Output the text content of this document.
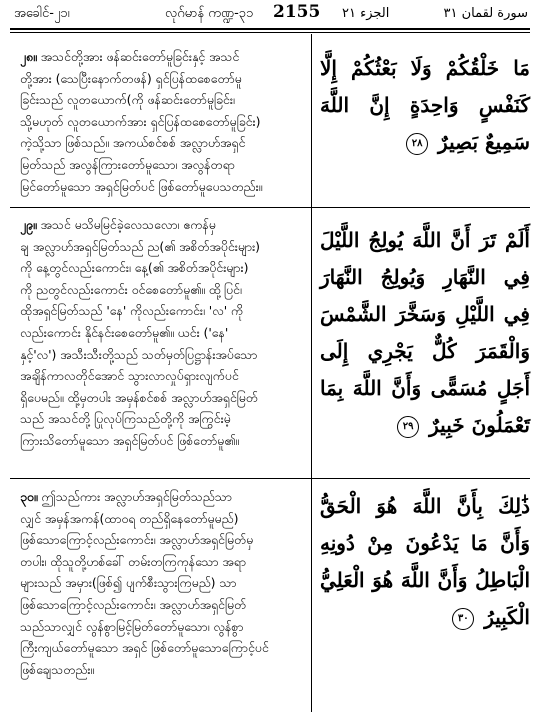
အခေါင်-၂၁၊	လုဂ်မာန် ကဏ္ဍ-၃၁ 2155 الجزء ٢١	سورة لقمان ٣١
၂၈။ အသင်တို့အား ဖန်ဆင်းတော်မူခြင်းနှင့် အသင်
တို့အား (သေပြီးနောက်တဖန်) ရှင်ပြန်ထစေတော်မူ
ခြင်းသည် လူတယောက်(ကို ဖန်ဆင်းတော်မူခြင်း၊
သို့မဟုတ် လူတယောက်အား ရှင်ပြန်ထစေတော်မူခြင်း)
ကဲ့သို့သာ ဖြစ်သည်။ အကယ်စင်စစ် အလ္လာဟ်အရှင်
မြတ်သည် အလွန်ကြားတော်မူသော၊ အလွန်တရာ
မြင်တော်မူသော အရှင်မြတ်ပင် ဖြစ်တော်မူပေသတည်း။
مَا خَلْقُكُمْ وَلَا بَعْثُكُمْ إِلَّا كَنَفْسٍ وَاحِدَةٍ إِنَّ اللَّهَ سَمِيعٌ بَصِيرٌ ٢٨
၂၉။ အသင် မသိမမြင်ခဲ့လေသလော၊ ဧကန်မှ
ချ အလ္လာဟ်အရှင်မြတ်သည် ည(၏ အစိတ်အပိုင်းများ)
ကို နေ့တွင်လည်းကောင်း၊ နေ့(၏ အစိတ်အပိုင်းများ)
ကို ညတွင်လည်းကောင်း ဝင်စေတော်မူ၏။ ထို့ပြင်၊
ထိုအရှင်မြတ်သည် 'နေ' ကိုလည်းကောင်း၊ 'လ' ကို
လည်းကောင်း နိုင်နင်းစေတော်မူ၏။ ယင်း ('နေ'
နှင့်'လ') အသီးသီးတို့သည် သတ်မှတ်ပြဋ္ဌာန်းအပ်သော
အချိန်ကာလတိုင်အောင် သွားလာလှုပ်ရှားလျက်ပင်
ရှိပေမည်။ ထို့မှတပါး အမှန်စင်စစ် အလ္လာဟ်အရှင်မြတ်
သည် အသင်တို့ ပြုလုပ်ကြသည်တို့ကို အကြွင်းမဲ့
ကြားသိတော်မူသော အရှင်မြတ်ပင် ဖြစ်တော်မူ၏။
أَلَمْ تَرَ أَنَّ اللَّهَ يُولِجُ اللَّيْلَ فِي النَّهَارِ وَيُولِجُ النَّهَارَ فِي اللَّيْلِ وَسَخَّرَ الشَّمْسَ وَالْقَمَرَ كُلٌّ يَجْرِي إِلَى أَجَلٍ مُسَمًّى وَأَنَّ اللَّهَ بِمَا تَعْمَلُونَ خَبِيرٌ ٢٩
၃၀။ ဤသည်ကား အလ္လာဟ်အရှင်မြတ်သည်သာ
လျှင် အမှန်အကန်(ထာဝရ တည်ရှိနေတော်မူမည်)
ဖြစ်သောကြောင့်လည်းကောင်း၊ အလ္လာဟ်အရှင်မြတ်မှ
တပါး၊ ထိုသူတို့ဟစ်ခေါ် တမ်းတကြကုန်သော အရာ
များသည် အမှား(ဖြစ်၍ ပျက်စီးသွားကြမည်) သာ
ဖြစ်သောကြောင့်လည်းကောင်း၊ အလ္လာဟ်အရှင်မြတ်
သည်သာလျှင် လွန်စွာမြင့်မြတ်တော်မူသော၊ လွန်စွာ
ကြီးကျယ်တော်မူသော အရှင် ဖြစ်တော်မူသောကြောင့်ပင်
ဖြစ်ချေသတည်း။
ذَٰلِكَ بِأَنَّ اللَّهَ هُوَ الْحَقُّ وَأَنَّ مَا يَدْعُونَ مِنْ دُونِهِ الْبَاطِلُ وَأَنَّ اللَّهَ هُوَ الْعَلِيُّ الْكَبِيرُ ٣٠
